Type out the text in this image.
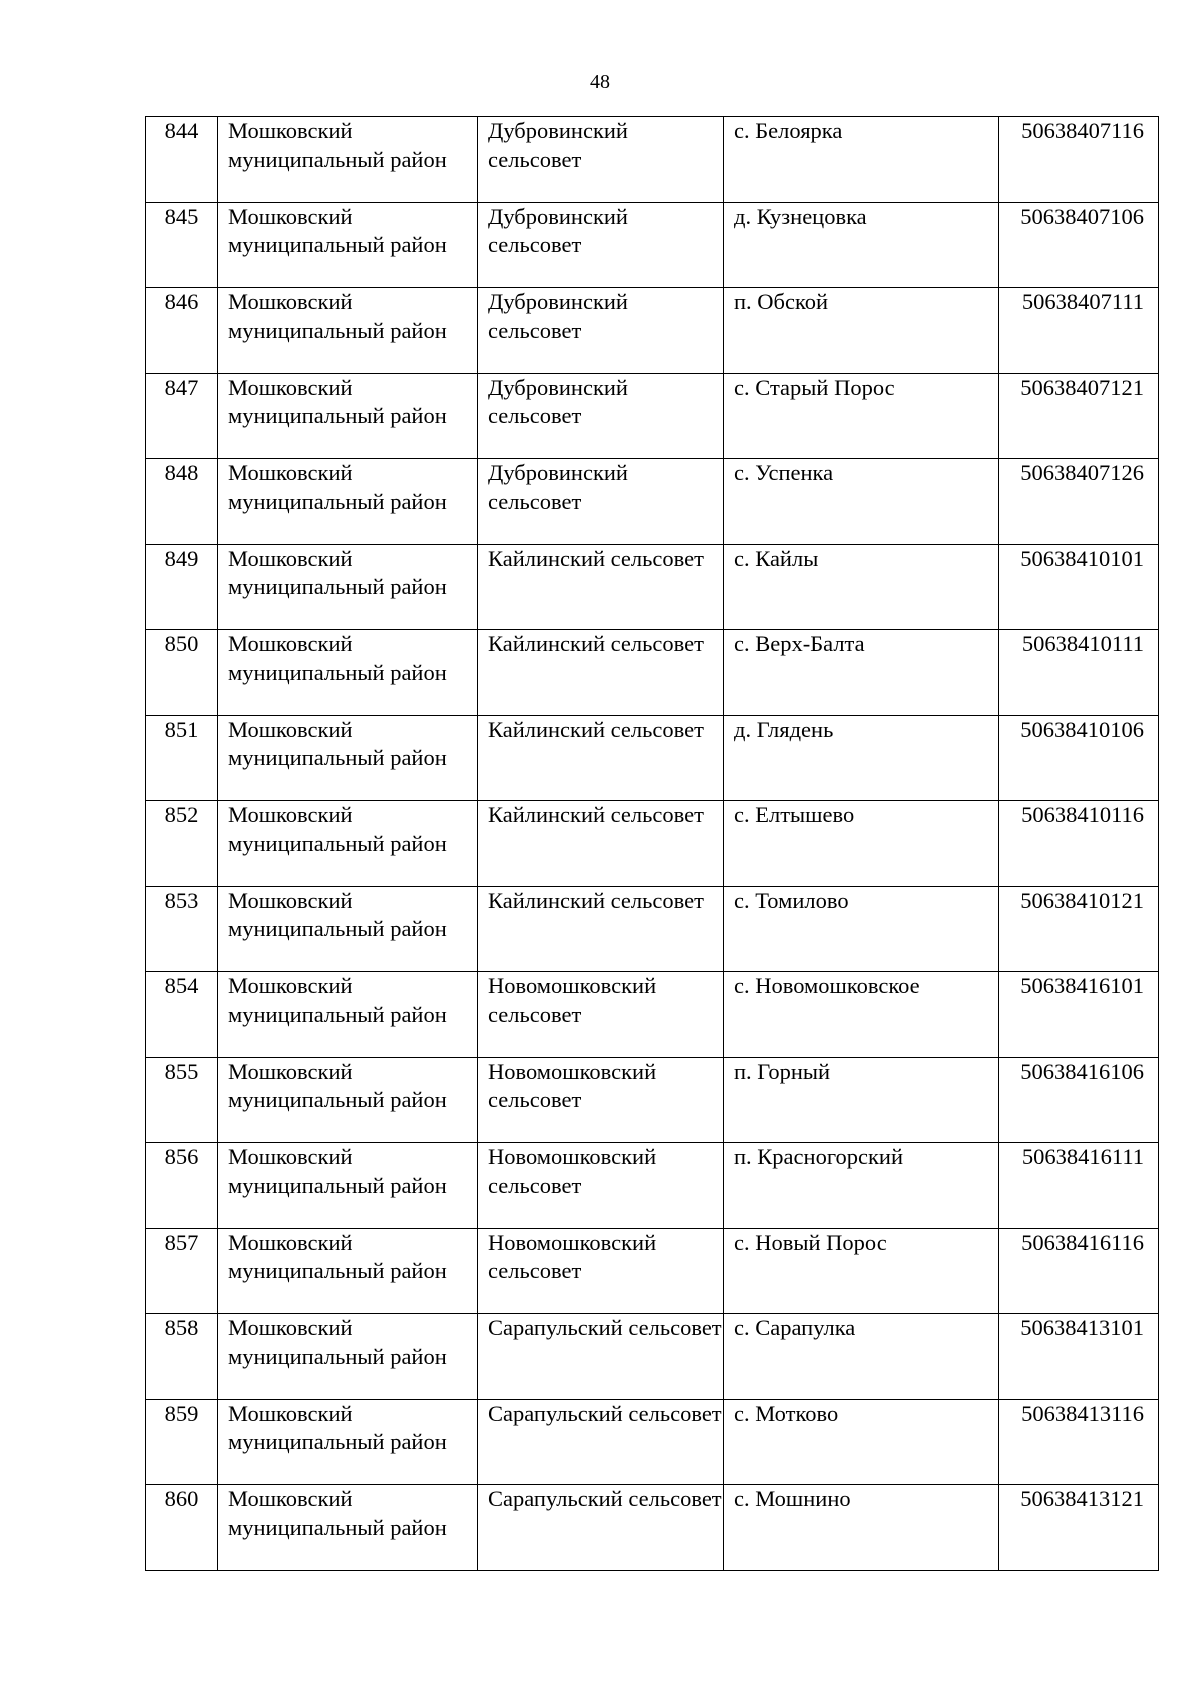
48
844	Мошковский муниципальный район	Дубровинский сельсовет	с. Белоярка	50638407116
845	Мошковский муниципальный район	Дубровинский сельсовет	д. Кузнецовка	50638407106
846	Мошковский муниципальный район	Дубровинский сельсовет	п. Обской	50638407111
847	Мошковский муниципальный район	Дубровинский сельсовет	с. Старый Порос	50638407121
848	Мошковский муниципальный район	Дубровинский сельсовет	с. Успенка	50638407126
849	Мошковский муниципальный район	Кайлинский сельсовет	с. Кайлы	50638410101
850	Мошковский муниципальный район	Кайлинский сельсовет	с. Верх-Балта	50638410111
851	Мошковский муниципальный район	Кайлинский сельсовет	д. Глядень	50638410106
852	Мошковский муниципальный район	Кайлинский сельсовет	с. Елтышево	50638410116
853	Мошковский муниципальный район	Кайлинский сельсовет	с. Томилово	50638410121
854	Мошковский муниципальный район	Новомошковский сельсовет	с. Новомошковское	50638416101
855	Мошковский муниципальный район	Новомошковский сельсовет	п. Горный	50638416106
856	Мошковский муниципальный район	Новомошковский сельсовет	п. Красногорский	50638416111
857	Мошковский муниципальный район	Новомошковский сельсовет	с. Новый Порос	50638416116
858	Мошковский муниципальный район	Сарапульский сельсовет	с. Сарапулка	50638413101
859	Мошковский муниципальный район	Сарапульский сельсовет	с. Мотково	50638413116
860	Мошковский муниципальный район	Сарапульский сельсовет	с. Мошнино	50638413121
